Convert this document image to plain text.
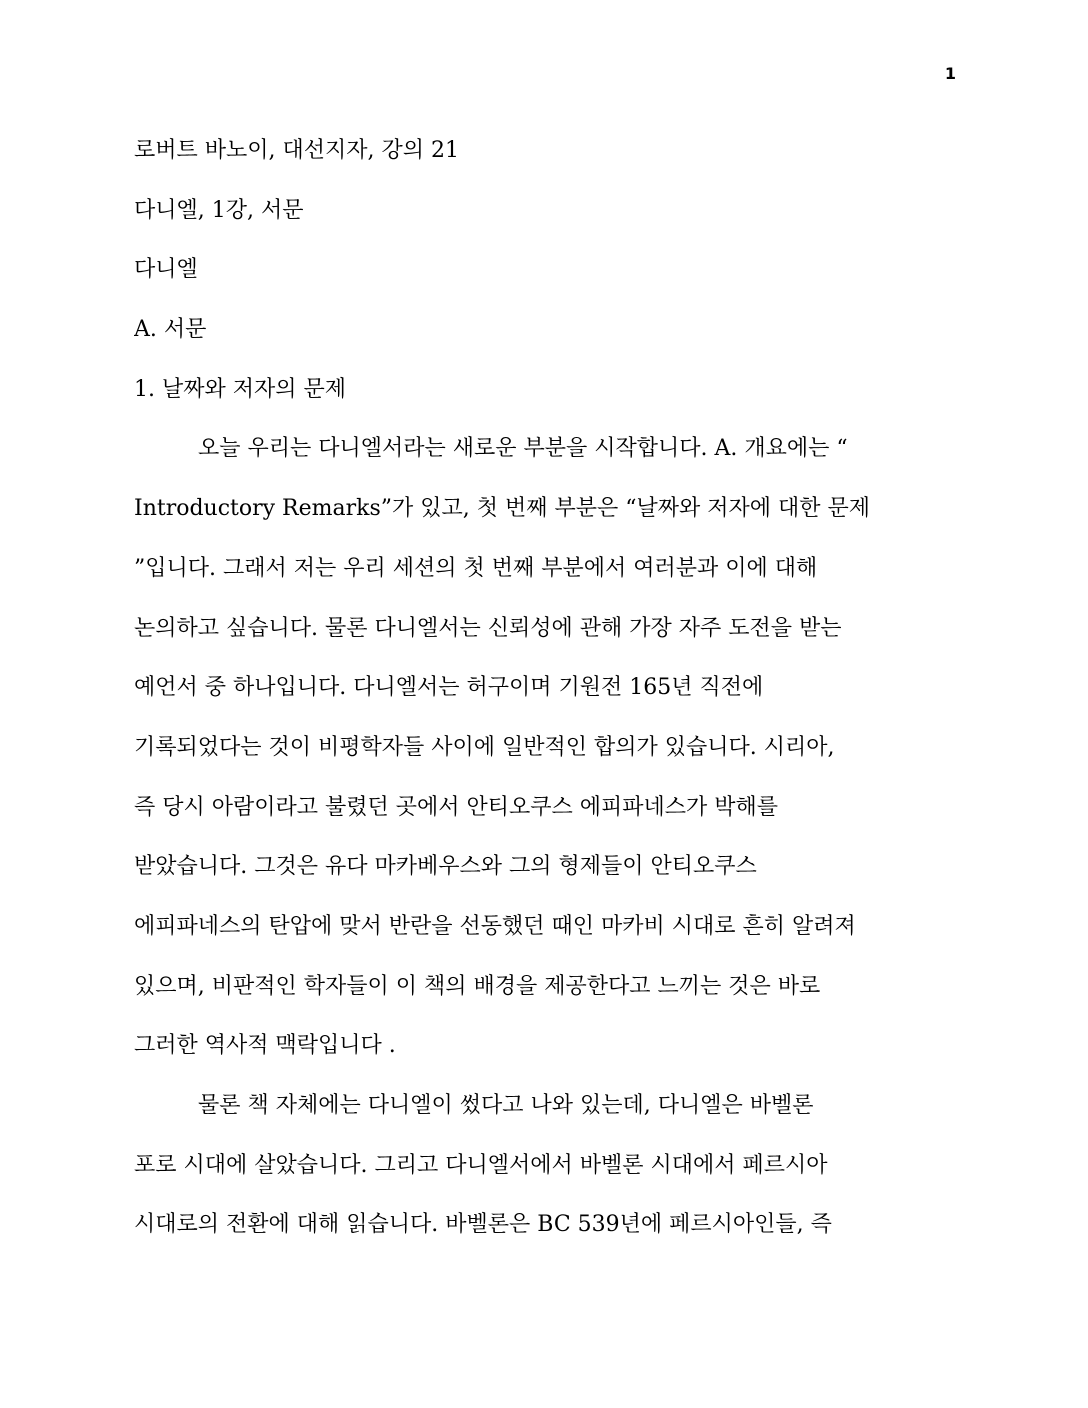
1
로버트 바노이, 대선지자, 강의 21
다니엘, 1강, 서문
다니엘
A. 서문
1. 날짜와 저자의 문제
오늘 우리는 다니엘서라는 새로운 부분을 시작합니다. A. 개요에는 “
Introductory Remarks”가 있고, 첫 번째 부분은 “날짜와 저자에 대한 문제
”입니다. 그래서 저는 우리 세션의 첫 번째 부분에서 여러분과 이에 대해
논의하고 싶습니다. 물론 다니엘서는 신뢰성에 관해 가장 자주 도전을 받는
예언서 중 하나입니다. 다니엘서는 허구이며 기원전 165년 직전에
기록되었다는 것이 비평학자들 사이에 일반적인 합의가 있습니다. 시리아,
즉 당시 아람이라고 불렸던 곳에서 안티오쿠스 에피파네스가 박해를
받았습니다. 그것은 유다 마카베우스와 그의 형제들이 안티오쿠스
에피파네스의 탄압에 맞서 반란을 선동했던 때인 마카비 시대로 흔히 알려져
있으며, 비판적인 학자들이 이 책의 배경을 제공한다고 느끼는 것은 바로
그러한 역사적 맥락입니다 .
물론 책 자체에는 다니엘이 썼다고 나와 있는데, 다니엘은 바벨론
포로 시대에 살았습니다. 그리고 다니엘서에서 바벨론 시대에서 페르시아
시대로의 전환에 대해 읽습니다. 바벨론은 BC 539년에 페르시아인들, 즉
